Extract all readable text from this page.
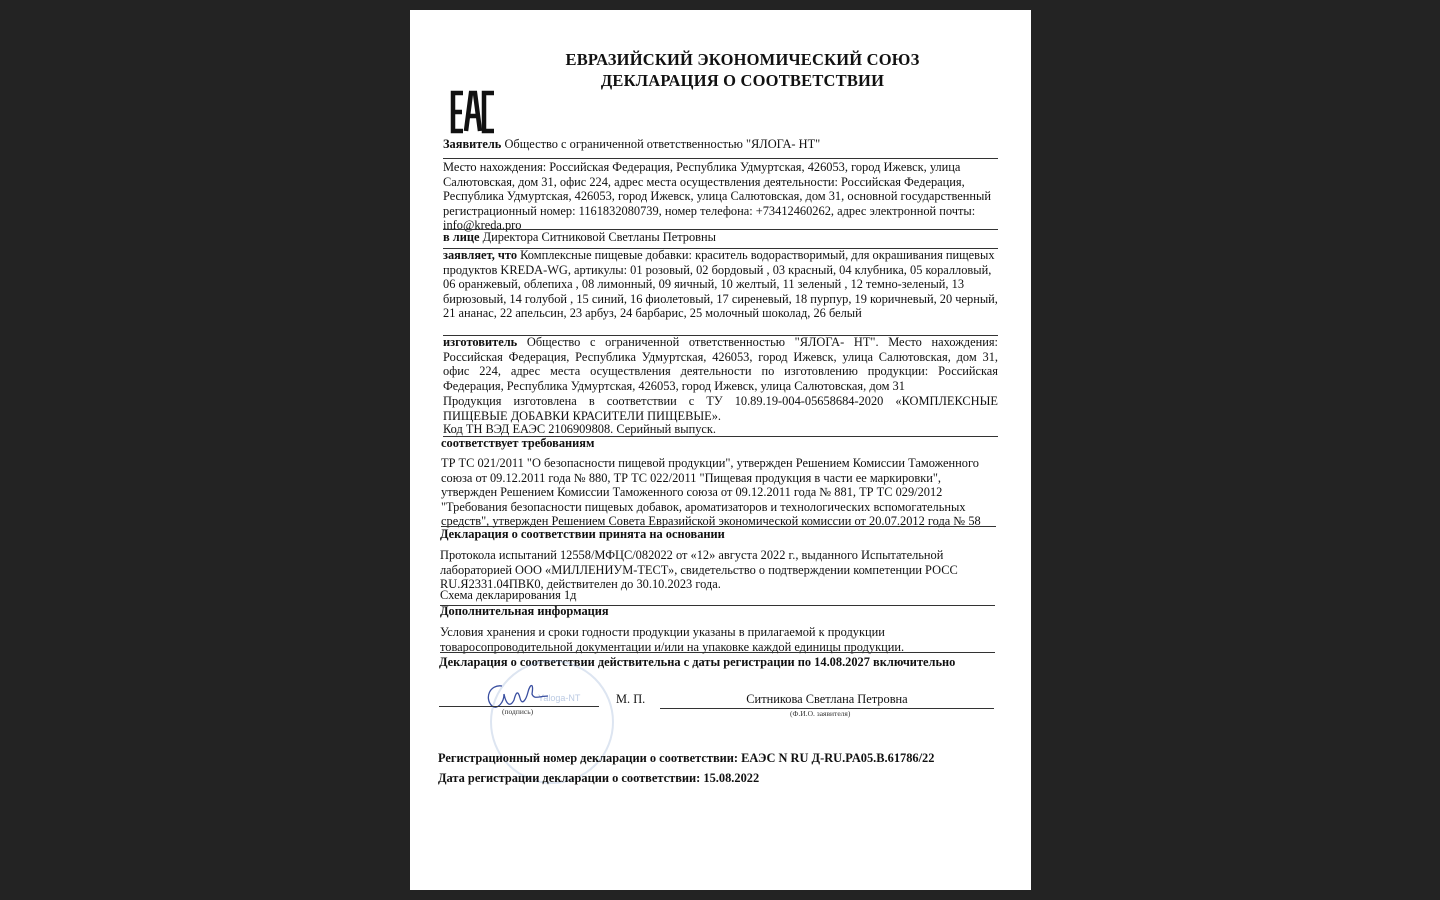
ЕВРАЗИЙСКИЙ ЭКОНОМИЧЕСКИЙ СОЮЗ
ДЕКЛАРАЦИЯ О СООТВЕТСТВИИ
Заявитель Общество с ограниченной ответственностью "ЯЛОГА- НТ"
Место нахождения: Российская Федерация, Республика Удмуртская, 426053, город Ижевск, улица Салютовская, дом 31, офис 224, адрес места осуществления деятельности: Российская Федерация, Республика Удмуртская, 426053, город Ижевск, улица Салютовская, дом 31, основной государственный регистрационный номер: 1161832080739, номер телефона: +73412460262, адрес электронной почты: info@kreda.pro
в лице Директора Ситниковой Светланы Петровны
заявляет, что Комплексные пищевые добавки: краситель водорастворимый, для окрашивания пищевых продуктов KREDA-WG, артикулы: 01 розовый, 02 бордовый , 03 красный, 04 клубника, 05 коралловый, 06 оранжевый, облепиха , 08 лимонный, 09 яичный, 10 желтый, 11 зеленый , 12 темно-зеленый, 13 бирюзовый, 14 голубой , 15 синий, 16 фиолетовый, 17 сиреневый, 18 пурпур, 19 коричневый, 20 черный, 21 ананас, 22 апельсин, 23 арбуз, 24 барбарис, 25 молочный шоколад, 26 белый
изготовитель Общество с ограниченной ответственностью "ЯЛОГА- НТ". Место нахождения: Российская Федерация, Республика Удмуртская, 426053, город Ижевск, улица Салютовская, дом 31, офис 224, адрес места осуществления деятельности по изготовлению продукции: Российская Федерация, Республика Удмуртская, 426053, город Ижевск, улица Салютовская, дом 31
Продукция изготовлена в соответствии с ТУ 10.89.19-004-05658684-2020 «КОМПЛЕКСНЫЕ ПИЩЕВЫЕ ДОБАВКИ КРАСИТЕЛИ ПИЩЕВЫЕ».
Код ТН ВЭД ЕАЭС 2106909808. Серийный выпуск.
соответствует требованиям
ТР ТС 021/2011 "О безопасности пищевой продукции", утвержден Решением Комиссии Таможенного союза от 09.12.2011 года № 880, ТР ТС 022/2011 "Пищевая продукция в части ее маркировки", утвержден Решением Комиссии Таможенного союза от 09.12.2011 года № 881, ТР ТС 029/2012 "Требования безопасности пищевых добавок, ароматизаторов и технологических вспомогательных средств", утвержден Решением Совета Евразийской экономической комиссии от 20.07.2012 года № 58
Декларация о соответствии принята на основании
Протокола испытаний 12558/МФЦС/082022 от «12» августа 2022 г., выданного Испытательной лабораторией ООО «МИЛЛЕНИУМ-ТЕСТ», свидетельство о подтверждении компетенции РОСС RU.Я2331.04ПВК0, действителен до 30.10.2023 года.
Схема декларирования 1д
Дополнительная информация
Условия хранения и сроки годности продукции указаны в прилагаемой к продукции товаросопроводительной документации и/или на упаковке каждой единицы продукции.
Декларация о соответствии действительна с даты регистрации по 14.08.2027 включительно
Yaloga-NT
(подпись)
М. П.	Ситникова Светлана Петровна
(Ф.И.О. заявителя)
Регистрационный номер декларации о соответствии: ЕАЭС N RU Д-RU.PA05.B.61786/22
Дата регистрации декларации о соответствии: 15.08.2022
